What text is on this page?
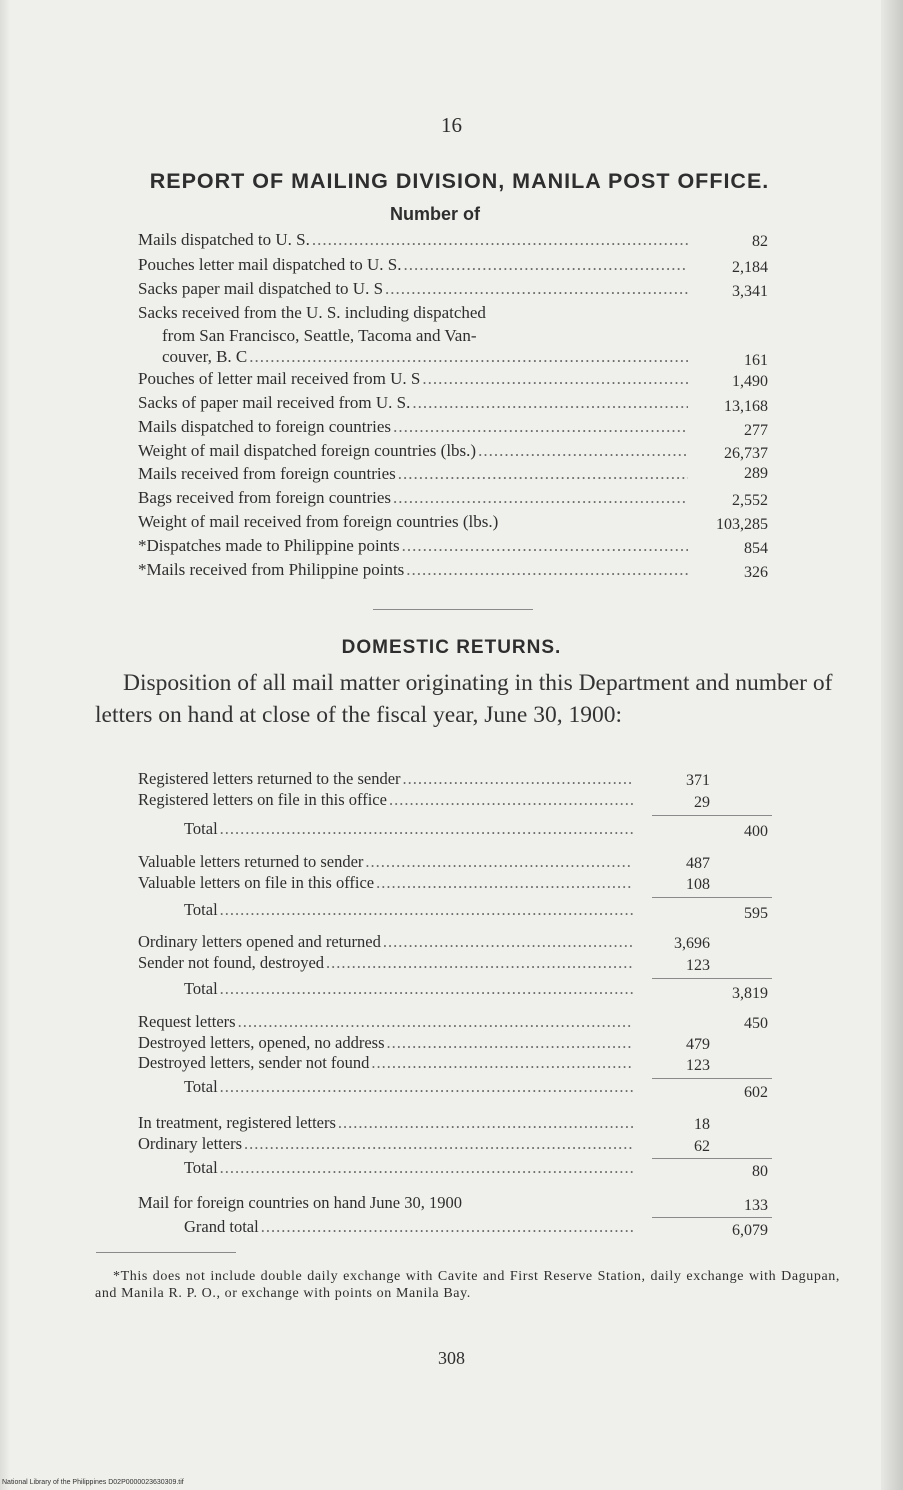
16
REPORT OF MAILING DIVISION, MANILA POST OFFICE.
Number of
Mails dispatched to U. S. .....	82
Pouches letter mail dispatched to U. S. .....	2,184
Sacks paper mail dispatched to U. S .....	3,341
Sacks received from the U. S. including dispatched
from San Francisco, Seattle, Tacoma and Van-
couver, B. C .....	161
Pouches of letter mail received from U. S .....	1,490
Sacks of paper mail received from U. S. .....	13,168
Mails dispatched to foreign countries .....	277
Weight of mail dispatched foreign countries (lbs.) .....	26,737
Mails received from foreign countries .....	289
Bags received from foreign countries .....	2,552
Weight of mail received from foreign countries (lbs.)	103,285
*Dispatches made to Philippine points .....	854
*Mails received from Philippine points .....	326
DOMESTIC RETURNS.
Disposition of all mail matter originating in this Department and number of letters on hand at close of the fiscal year, June 30, 1900:
Registered letters returned to the sender .....	371
Registered letters on file in this office .....	29
Total .....	400
Valuable letters returned to sender .....	487
Valuable letters on file in this office .....	108
Total .....	595
Ordinary letters opened and returned .....	3,696
Sender not found, destroyed .....	123
Total .....	3,819
Request letters .....	450
Destroyed letters, opened, no address .....	479
Destroyed letters, sender not found .....	123
Total .....	602
In treatment, registered letters .....	18
Ordinary letters .....	62
Total .....	80
Mail for foreign countries on hand June 30, 1900	133
Grand total .....	6,079
*This does not include double daily exchange with Cavite and First Reserve Station, daily exchange with Dagupan, and Manila R. P. O., or exchange with points on Manila Bay.
308
National Library of the Philippines D02P0000023630309.tif
